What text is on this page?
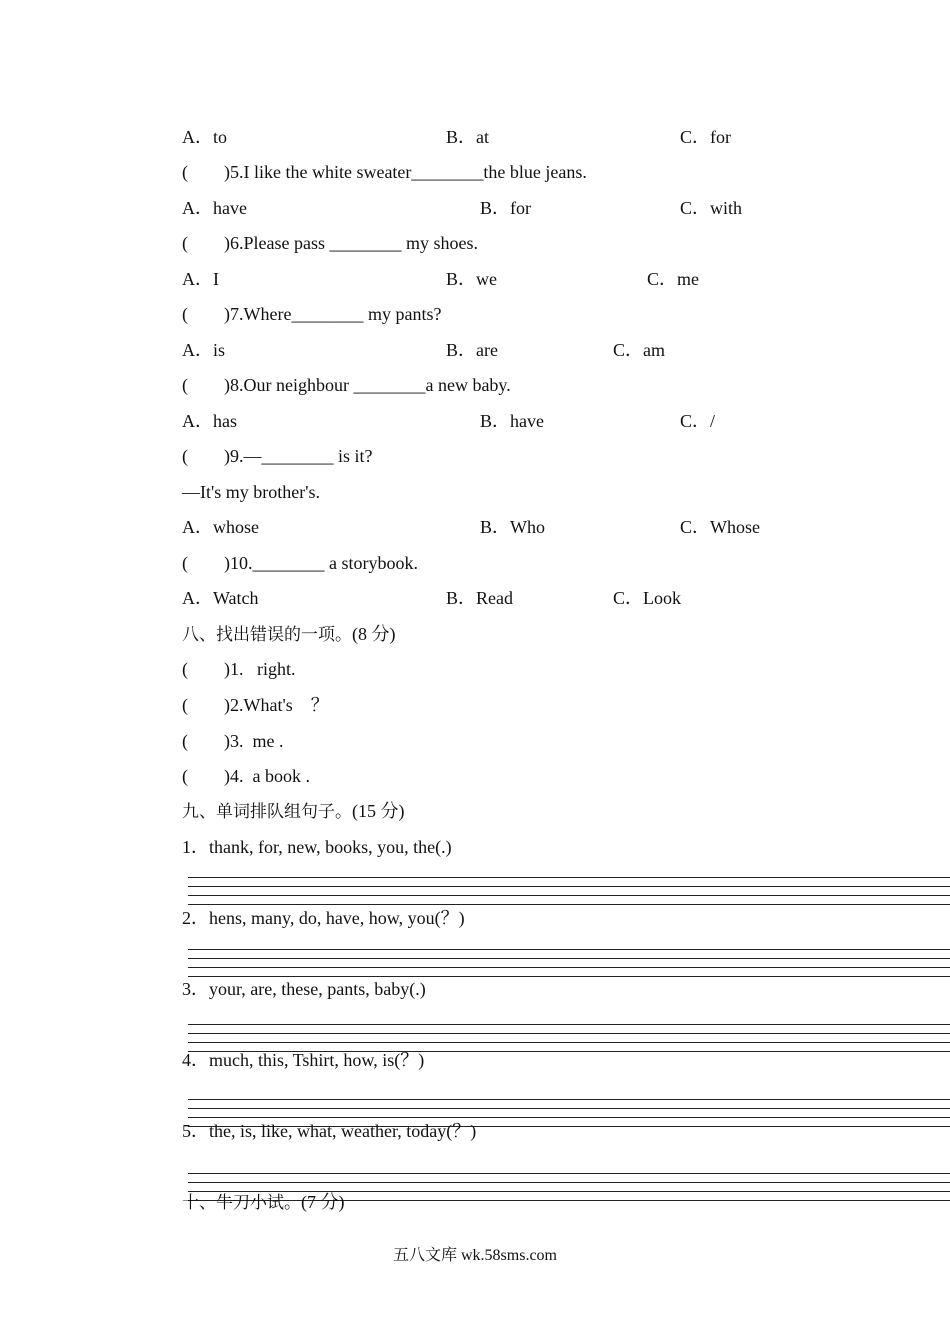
A．to	B．at	C．for
(　　)5.I like the white sweater________the blue jeans.
A．have	B．for	C．with
(　　)6.Please pass ________ my shoes.
A．I	B．we	C．me
(　　)7.Where________ my pants?
A．is	B．are	C．am
(　　)8.Our neighbour ________a new baby.
A．has	B．have	C．/
(　　)9.—________ is it?
—It's my brother's.
A．whose	B．Who	C．Whose
(　　)10.________ a storybook.
A．Watch	B．Read	C．Look
八、找出错误的一项。(8 分)
(　　)1.   right.
(　　)2.What's　？
(　　)3.  me .
(　　)4.  a book .
九、单词排队组句子。(15 分)
1．thank, for, new, books, you, the(.)
2．hens, many, do, have, how, you(？)
3．your, are, these, pants, baby(.)
4．much, this, Tshirt, how, is(？)
5．the, is, like, what, weather, today(？)
十、牛刀小试。(7 分)
五八文库 wk.58sms.com
